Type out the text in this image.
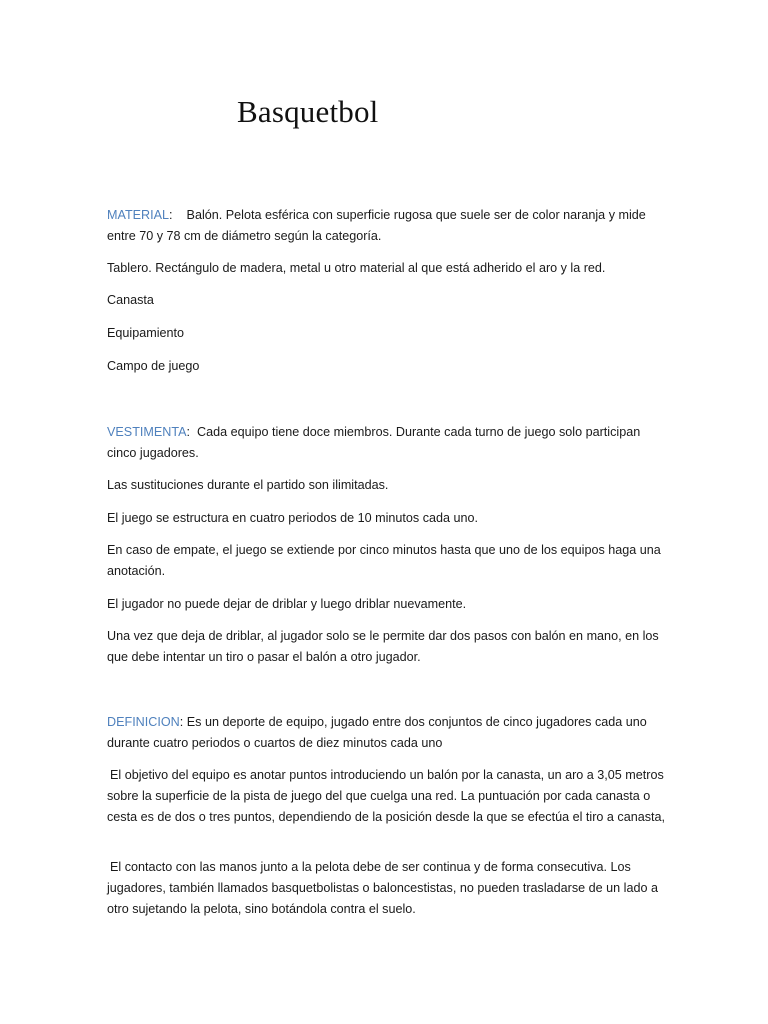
Basquetbol

MATERIAL: Balón. Pelota esférica con superficie rugosa que suele ser de color naranja y mide entre 70 y 78 cm de diámetro según la categoría.

Tablero. Rectángulo de madera, metal u otro material al que está adherido el aro y la red.

Canasta

Equipamiento

Campo de juego

VESTIMENTA: Cada equipo tiene doce miembros. Durante cada turno de juego solo participan cinco jugadores.

Las sustituciones durante el partido son ilimitadas.

El juego se estructura en cuatro periodos de 10 minutos cada uno.

En caso de empate, el juego se extiende por cinco minutos hasta que uno de los equipos haga una anotación.

El jugador no puede dejar de driblar y luego driblar nuevamente.

Una vez que deja de driblar, al jugador solo se le permite dar dos pasos con balón en mano, en los que debe intentar un tiro o pasar el balón a otro jugador.

DEFINICION: Es un deporte de equipo, jugado entre dos conjuntos de cinco jugadores cada uno durante cuatro periodos o cuartos de diez minutos cada uno

El objetivo del equipo es anotar puntos introduciendo un balón por la canasta, un aro a 3,05 metros sobre la superficie de la pista de juego del que cuelga una red. La puntuación por cada canasta o cesta es de dos o tres puntos, dependiendo de la posición desde la que se efectúa el tiro a canasta,

El contacto con las manos junto a la pelota debe de ser continua y de forma consecutiva. Los jugadores, también llamados basquetbolistas o baloncestistas, no pueden trasladarse de un lado a otro sujetando la pelota, sino botándola contra el suelo.
